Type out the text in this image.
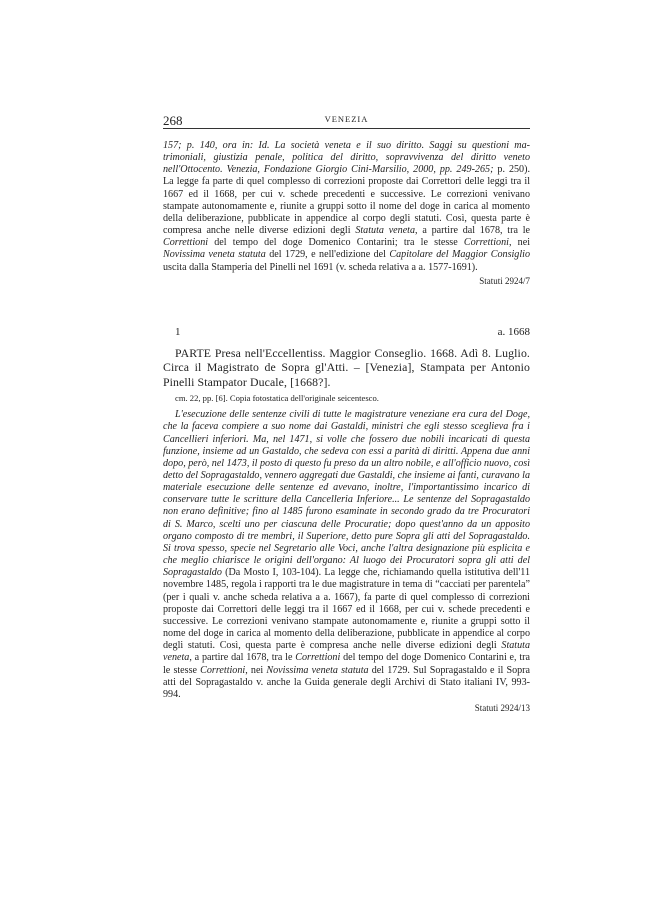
268	VENEZIA
157; p. 140, ora in: Id. La società veneta e il suo diritto. Saggi su questioni ma- trimoniali, giustizia penale, politica del diritto, sopravvivenza del diritto veneto nell'Ottocento. Venezia, Fondazione Giorgio Cini-Marsilio, 2000, pp. 249-265; p. 250). La legge fa parte di quel complesso di correzioni proposte dai Correttori delle leggi tra il 1667 ed il 1668, per cui v. schede precedenti e successive. Le correzioni venivano stampate autonomamente e, riunite a gruppi sotto il nome del doge in carica al momento della deliberazione, pubblicate in appendice al corpo degli statuti. Così, questa parte è compresa anche nelle diverse edizioni degli Statuta veneta, a partire dal 1678, tra le Correttioni del tempo del doge Domenico Contarini; tra le stesse Correttioni, nei Novissima veneta statuta del 1729, e nell'edizione del Capitolare del Maggior Consiglio uscita dalla Stamperia del Pinelli nel 1691 (v. scheda relativa a a. 1577-1691).
Statuti 2924/7
1	a. 1668

PARTE Presa nell'Eccellentiss. Maggior Conseglio. 1668. Adì 8. Luglio. Circa il Magistrato de Sopra gl'Atti. – [Venezia], Stampata per Antonio Pinelli Stampator Ducale, [1668?].

cm. 22, pp. [6]. Copia fotostatica dell'originale seicentesco.

L'esecuzione delle sentenze civili di tutte le magistrature veneziane era cura del Doge, che la faceva compiere a suo nome dai Gastaldi, ministri che egli stesso sceglieva fra i Cancellieri inferiori. Ma, nel 1471, si volle che fossero due nobili incaricati di questa funzione, insieme ad un Gastaldo, che sedeva con essi a parità di diritti. Appena due anni dopo, però, nel 1473, il posto di questo fu preso da un altro nobile, e all'officio nuovo, così detto del Sopragastaldo, vennero aggregati due Gastaldi, che insieme ai fanti, curavano la materiale esecuzione delle sentenze ed avevano, inoltre, l'importantissimo incarico di conservare tutte le scritture della Cancelleria Inferiore... Le sentenze del Sopragastaldo non erano definitive; fino al 1485 furono esaminate in secondo grado da tre Procuratori di S. Marco, scelti uno per ciascuna delle Procuratie; dopo quest'anno da un apposito organo composto di tre membri, il Superiore, detto pure Sopra gli atti del Sopragastaldo. Si trova spesso, specie nel Segretario alle Voci, anche l'altra designazione più esplicita e che meglio chiarisce le origini dell'organo: Al luogo dei Procuratori sopra gli atti del Sopragastaldo (Da Mosto I, 103-104). La legge che, richiamando quella istitutiva dell'11 novembre 1485, regola i rapporti tra le due magistrature in tema di “cacciati per parentela” (per i quali v. anche scheda relativa a a. 1667), fa parte di quel complesso di correzioni proposte dai Correttori delle leggi tra il 1667 ed il 1668, per cui v. schede precedenti e successive. Le correzioni venivano stampate autonomamente e, riunite a gruppi sotto il nome del doge in carica al momento della deliberazione, pubblicate in appendice al corpo degli statuti. Così, questa parte è compresa anche nelle diverse edizioni degli Statuta veneta, a partire dal 1678, tra le Correttioni del tempo del doge Domenico Contarini e, tra le stesse Correttioni, nei Novissima veneta statuta del 1729. Sul Sopragastaldo e il Sopra atti del Sopragastaldo v. anche la Guida generale degli Archivi di Stato italiani IV, 993-994.

Statuti 2924/13
